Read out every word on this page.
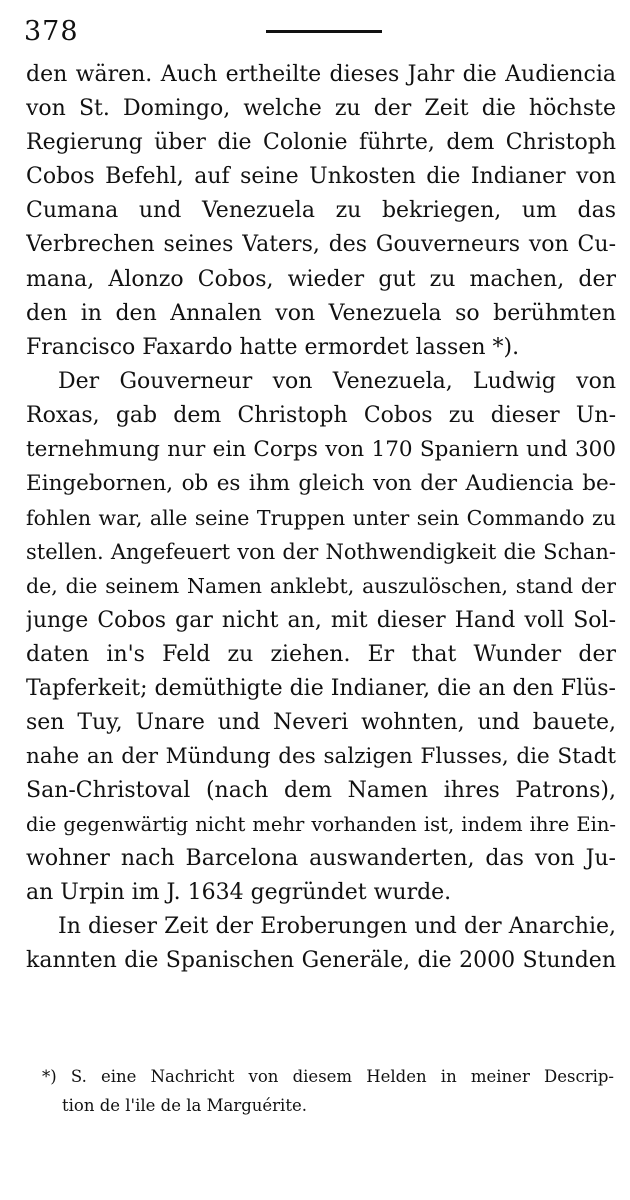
378
den wären. Auch ertheilte dieses Jahr die Audiencia
von St. Domingo, welche zu der Zeit die höchste
Regierung über die Colonie führte, dem Christoph
Cobos Befehl, auf seine Unkosten die Indianer von
Cumana und Venezuela zu bekriegen, um das
Verbrechen seines Vaters, des Gouverneurs von Cu-
mana, Alonzo Cobos, wieder gut zu machen, der
den in den Annalen von Venezuela so berühmten
Francisco Faxardo hatte ermordet lassen *).
Der Gouverneur von Venezuela, Ludwig von
Roxas, gab dem Christoph Cobos zu dieser Un-
ternehmung nur ein Corps von 170 Spaniern und 300
Eingebornen, ob es ihm gleich von der Audiencia be-
fohlen war, alle seine Truppen unter sein Commando zu
stellen. Angefeuert von der Nothwendigkeit die Schan-
de, die seinem Namen anklebt, auszulöschen, stand der
junge Cobos gar nicht an, mit dieser Hand voll Sol-
daten in's Feld zu ziehen. Er that Wunder der
Tapferkeit; demüthigte die Indianer, die an den Flüs-
sen Tuy, Unare und Neveri wohnten, und bauete,
nahe an der Mündung des salzigen Flusses, die Stadt
San-Christoval (nach dem Namen ihres Patrons),
die gegenwärtig nicht mehr vorhanden ist, indem ihre Ein-
wohner nach Barcelona auswanderten, das von Ju-
an Urpin im J. 1634 gegründet wurde.
In dieser Zeit der Eroberungen und der Anarchie,
kannten die Spanischen Generäle, die 2000 Stunden
*) S. eine Nachricht von diesem Helden in meiner Descrip-
tion de l'ile de la Marguérite.
